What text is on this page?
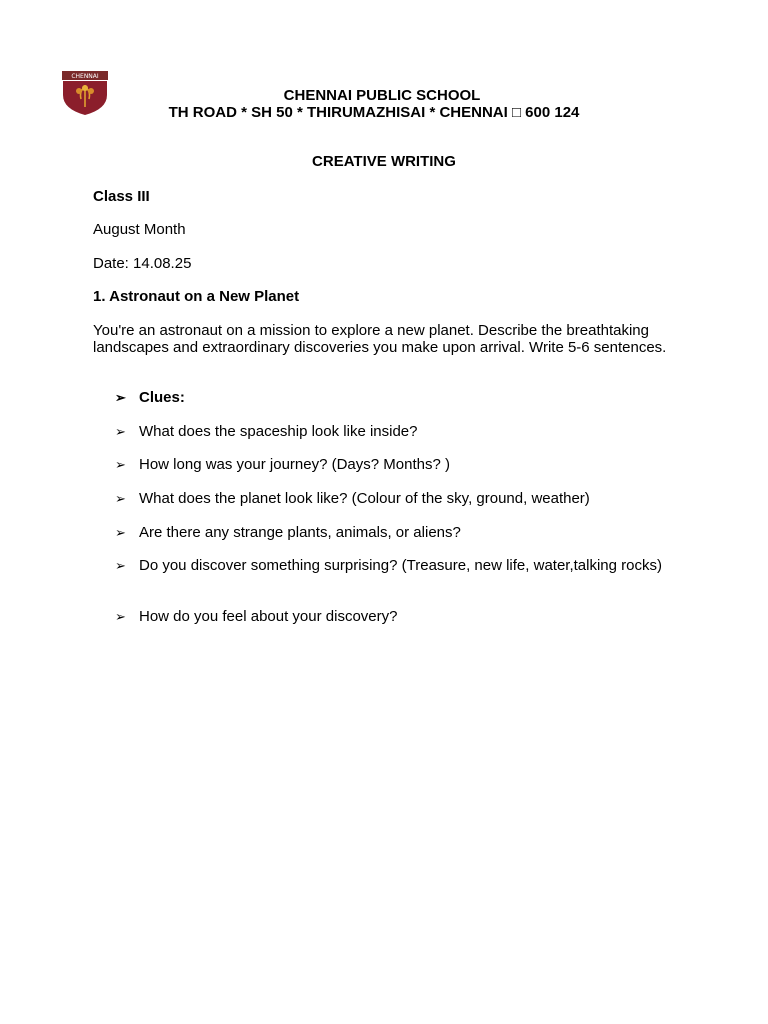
CHENNAI
CHENNAI PUBLIC SCHOOL
TH ROAD * SH 50 * THIRUMAZHISAI * CHENNAI □ 600 124
CREATIVE WRITING
Class III
August Month
Date: 14.08.25
1. Astronaut on a New Planet
You're an astronaut on a mission to explore a new planet. Describe the breathtaking landscapes and extraordinary discoveries you make upon arrival. Write 5-6 sentences.
➢ Clues:
➢ What does the spaceship look like inside?
➢ How long was your journey? (Days? Months? )
➢ What does the planet look like? (Colour of the sky, ground, weather)
➢ Are there any strange plants, animals, or aliens?
➢ Do you discover something surprising? (Treasure, new life, water,talking rocks)
➢ How do you feel about your discovery?
